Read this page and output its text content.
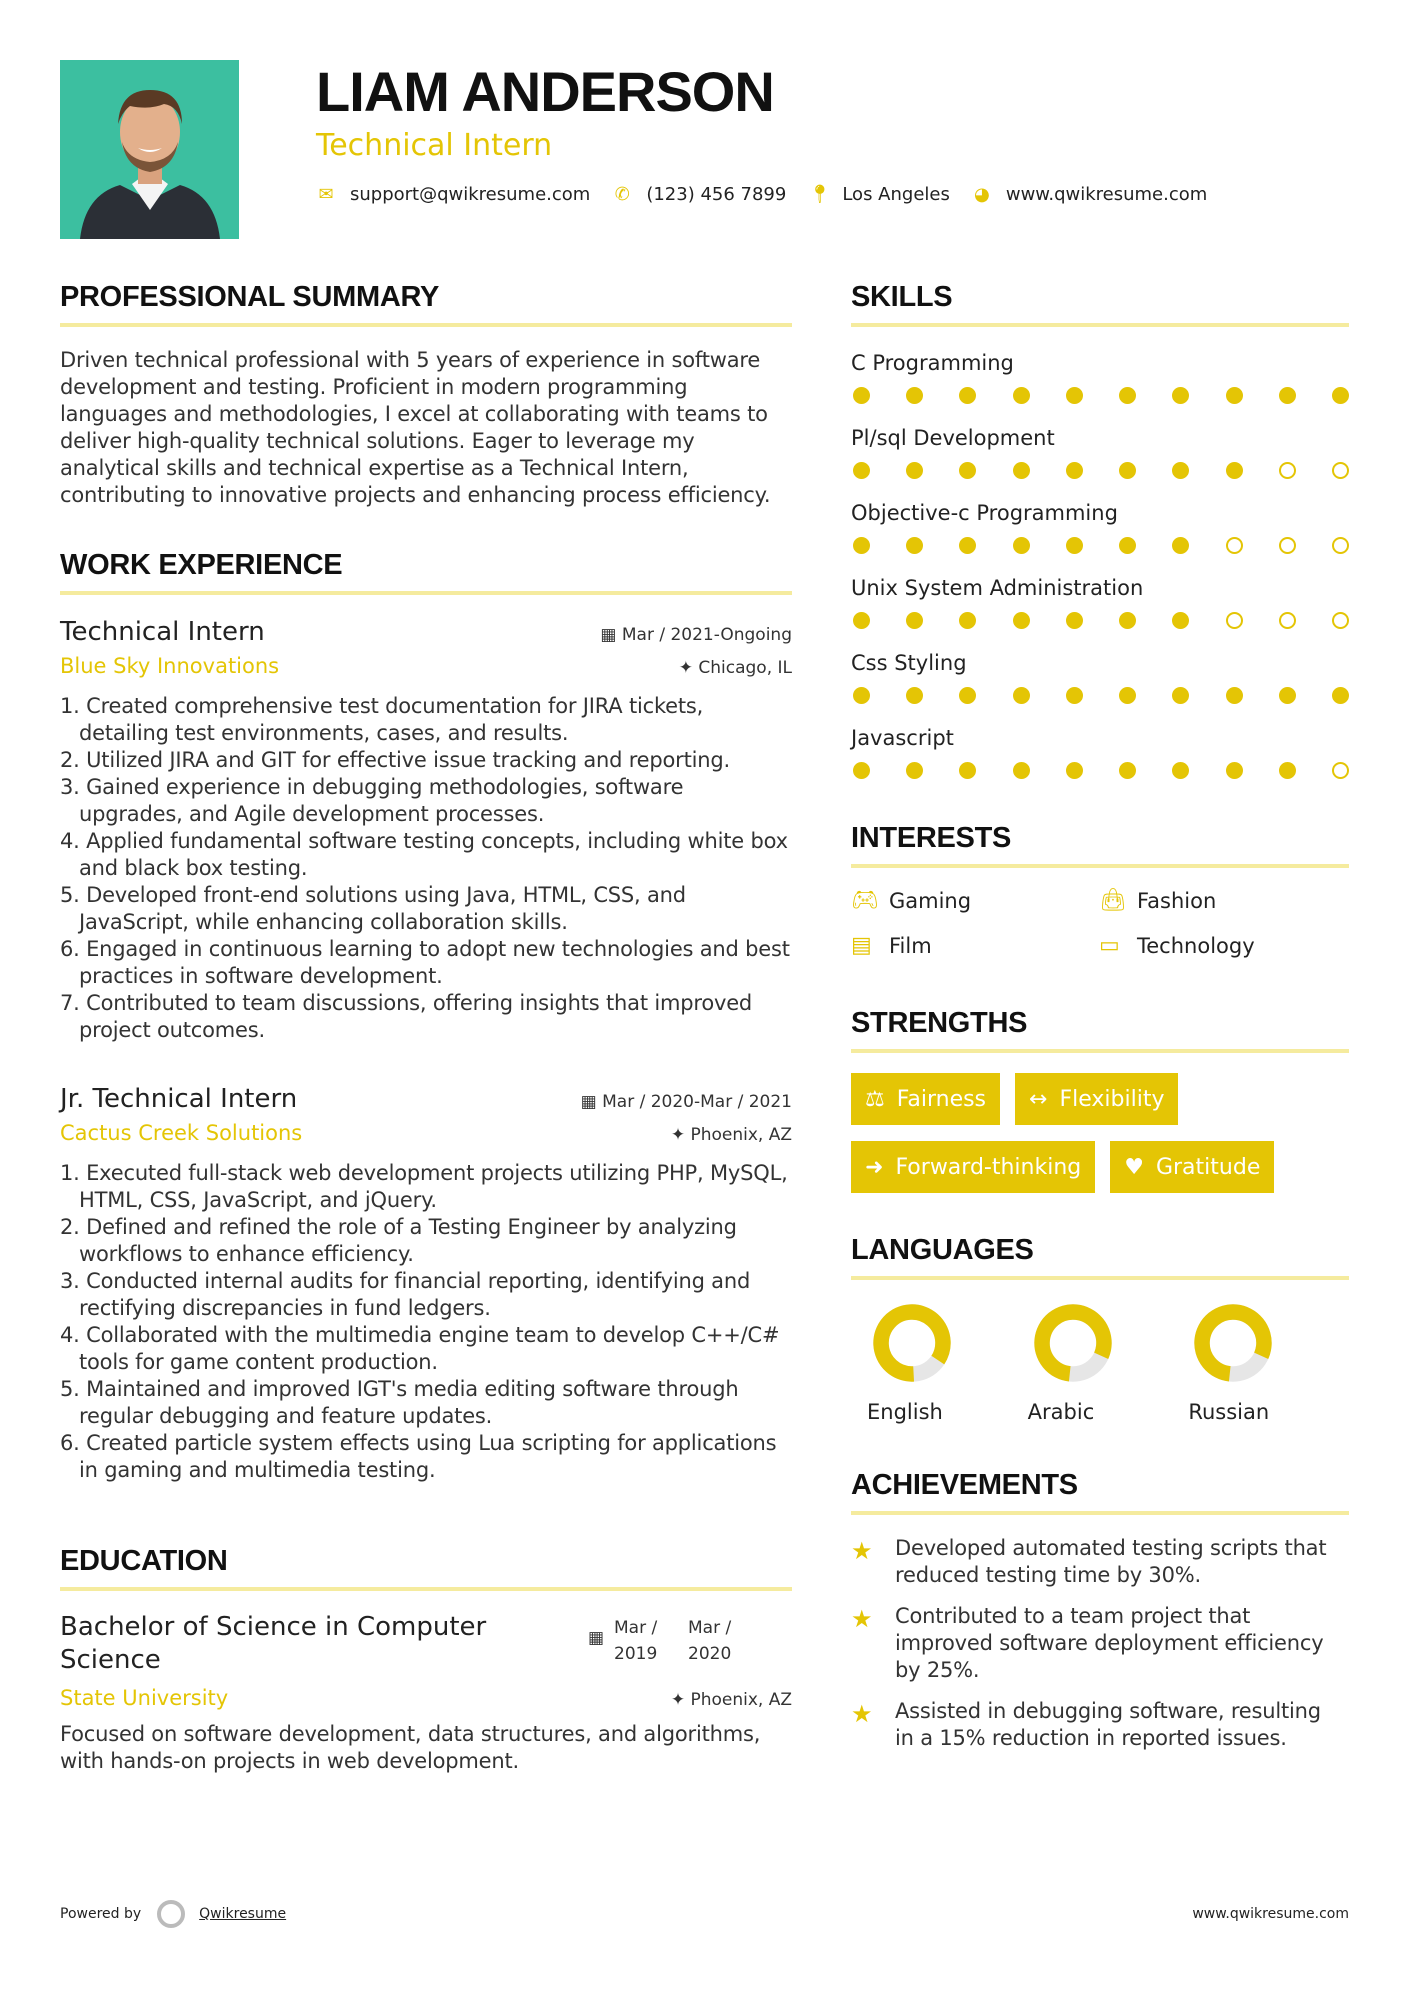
LIAM ANDERSON
Technical Intern
✉ support@qwikresume.com ✆ (123) 456 7899 📍︎ Los Angeles ◕ www.qwikresume.com
PROFESSIONAL SUMMARY

Driven technical professional with 5 years of experience in software development and testing. Proficient in modern programming languages and methodologies, I excel at collaborating with teams to deliver high-quality technical solutions. Eager to leverage my analytical skills and technical expertise as a Technical Intern, contributing to innovative projects and enhancing process efficiency.

WORK EXPERIENCE
Technical Intern	▦ Mar / 2021-Ongoing
Blue Sky Innovations	✦ Chicago, IL
1. Created comprehensive test documentation for JIRA tickets, detailing test environments, cases, and results.
2. Utilized JIRA and GIT for effective issue tracking and reporting.
3. Gained experience in debugging methodologies, software upgrades, and Agile development processes.
4. Applied fundamental software testing concepts, including white box and black box testing.
5. Developed front-end solutions using Java, HTML, CSS, and JavaScript, while enhancing collaboration skills.
6. Engaged in continuous learning to adopt new technologies and best practices in software development.
7. Contributed to team discussions, offering insights that improved project outcomes.
Jr. Technical Intern	▦ Mar / 2020-Mar / 2021
Cactus Creek Solutions	✦ Phoenix, AZ
1. Executed full-stack web development projects utilizing PHP, MySQL, HTML, CSS, JavaScript, and jQuery.
2. Defined and refined the role of a Testing Engineer by analyzing workflows to enhance efficiency.
3. Conducted internal audits for financial reporting, identifying and rectifying discrepancies in fund ledgers.
4. Collaborated with the multimedia engine team to develop C++/C# tools for game content production.
5. Maintained and improved IGT's media editing software through regular debugging and feature updates.
6. Created particle system effects using Lua scripting for applications in gaming and multimedia testing.
EDUCATION
Bachelor of Science in Computer Science
▦ Mar / 2019
Mar / 2020
State University	✦ Phoenix, AZ

Focused on software development, data structures, and algorithms, with hands-on projects in web development.

SKILLS
C Programming
Pl/sql Development
Objective-c Programming
Unix System Administration
Css Styling
Javascript
INTERESTS
🎮︎ Gaming	👜︎ Fashion
▤ Film	▭ Technology
STRENGTHS
⚖ Fairness ↔ Flexibility
➜ Forward-thinking ♥ Gratitude
LANGUAGES
English	Arabic	Russian
ACHIEVEMENTS
★	Developed automated testing scripts that reduced testing time by 30%.
★	Contributed to a team project that improved software deployment efficiency by 25%.
★	Assisted in debugging software, resulting in a 15% reduction in reported issues.
Powered by	Qwikresume	www.qwikresume.com
